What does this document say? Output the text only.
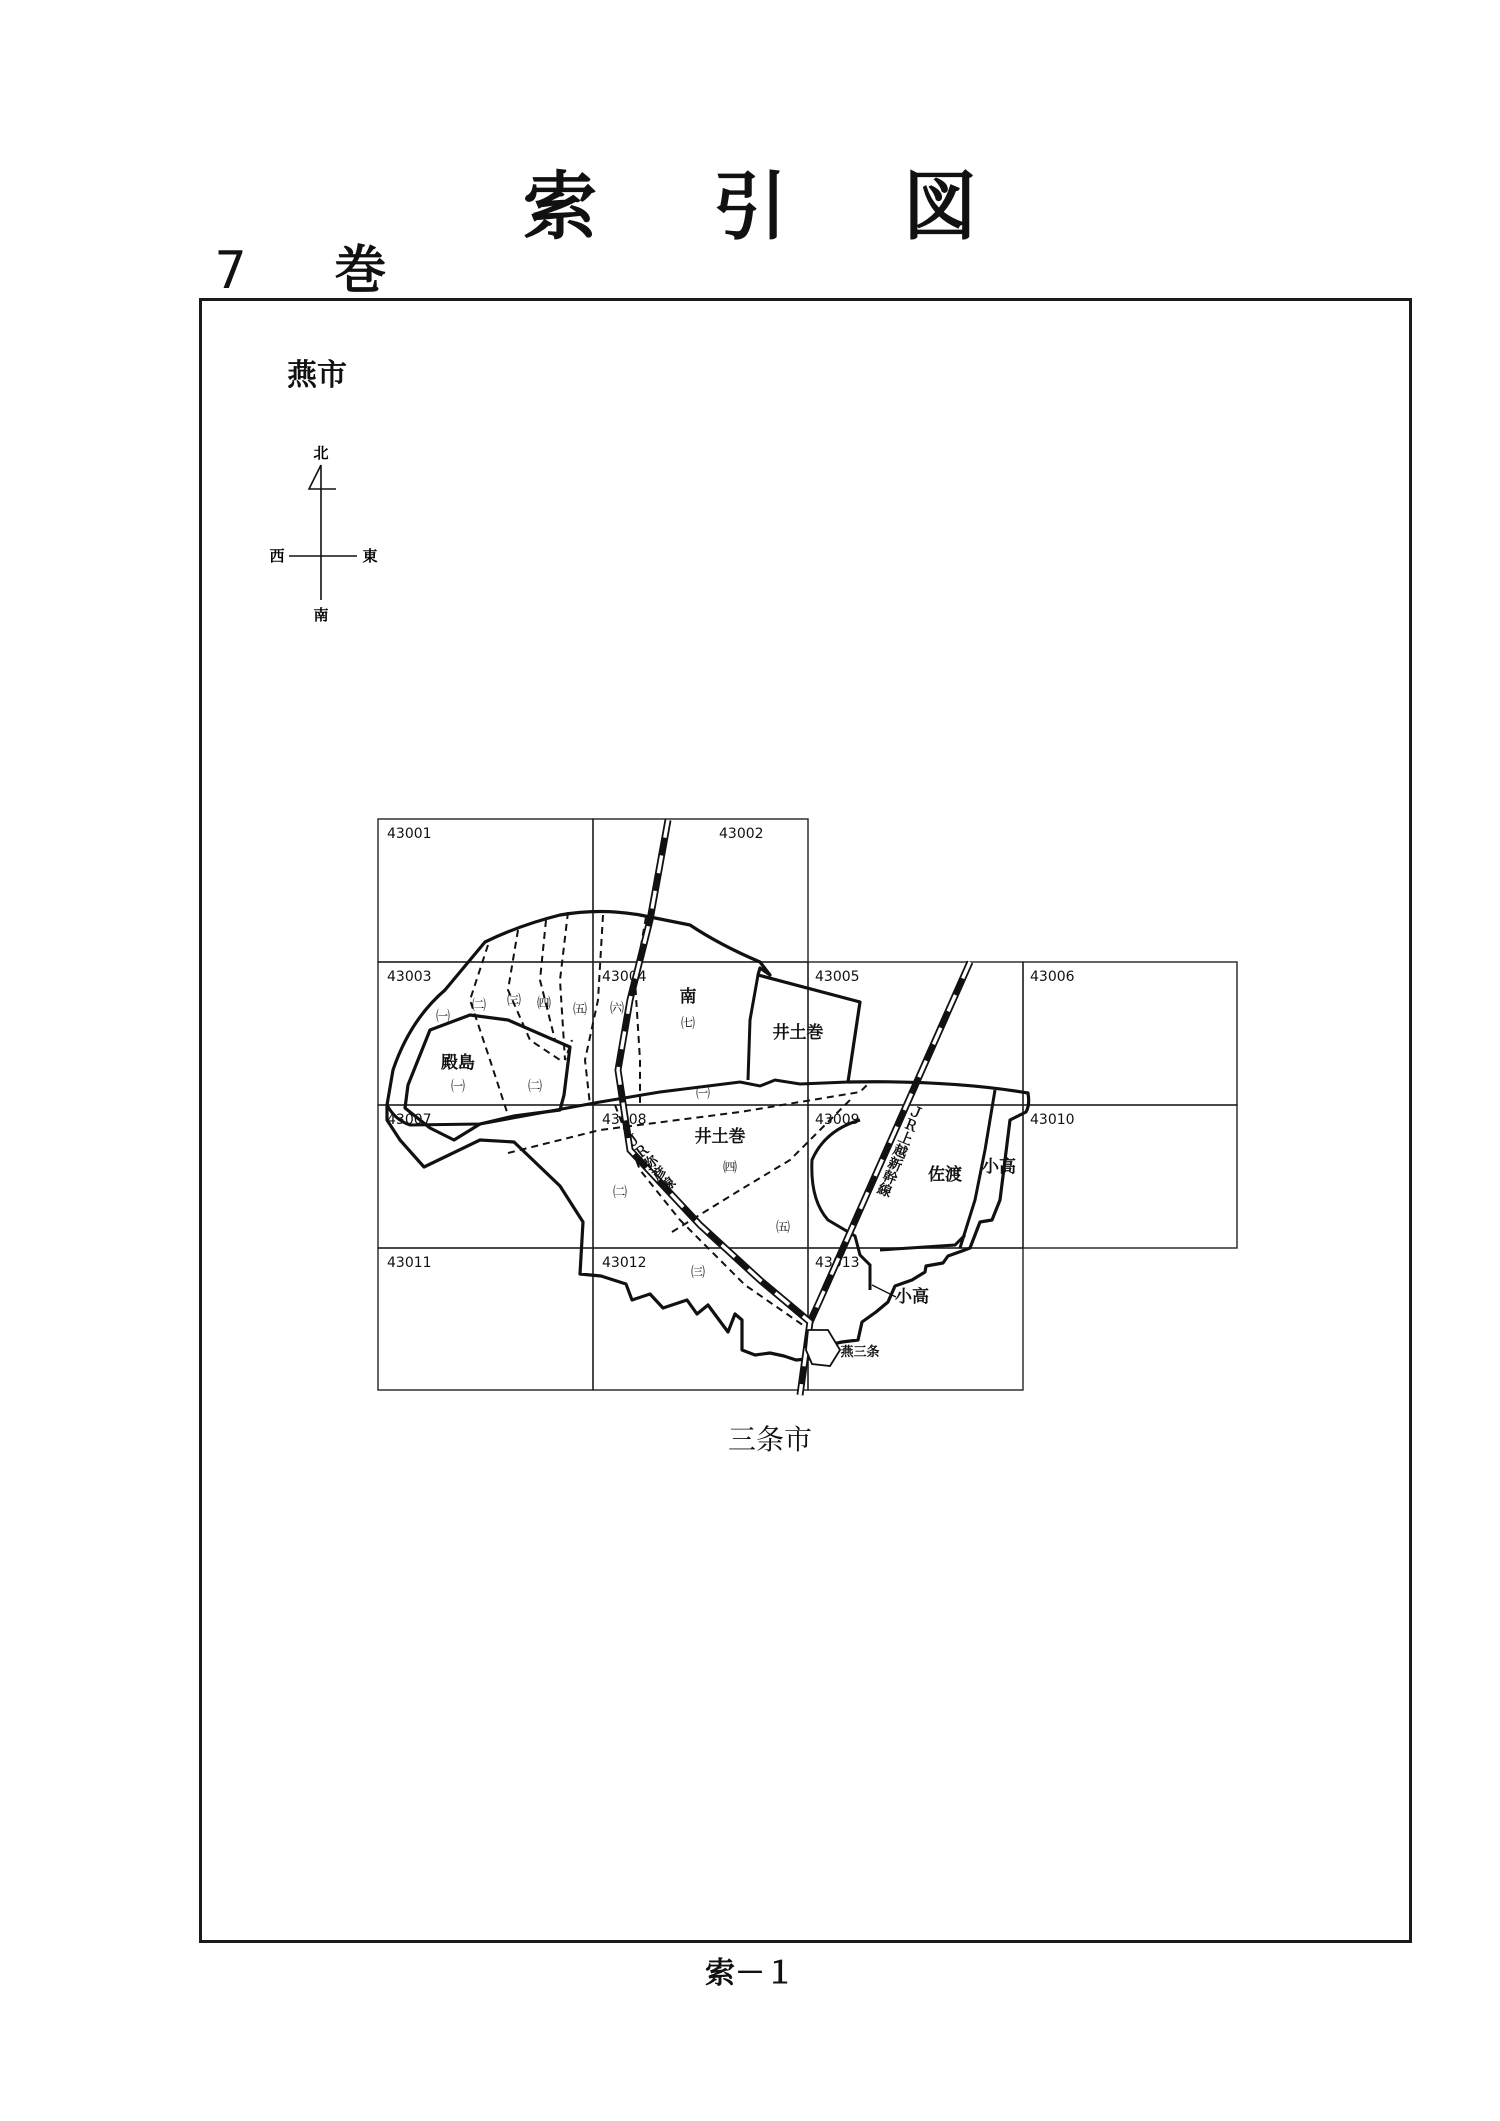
索 引 図
7 巻
燕市
北
南
東
西
43001	43002
43003	43004	43005	43006
43007	43008	43009	43010
43011	43012	43013
㈠
㈡ ㈢ ㈣ ㈤ ㈥
南
㈦	井土巻
殿島
㈠	㈡	㈠
井土巻
㈣
㈡
㈤
㈢
佐渡 小高
小高
燕三条
ＪＲ上越新幹線
ＪＲ弥彦線
三条市
索－１
